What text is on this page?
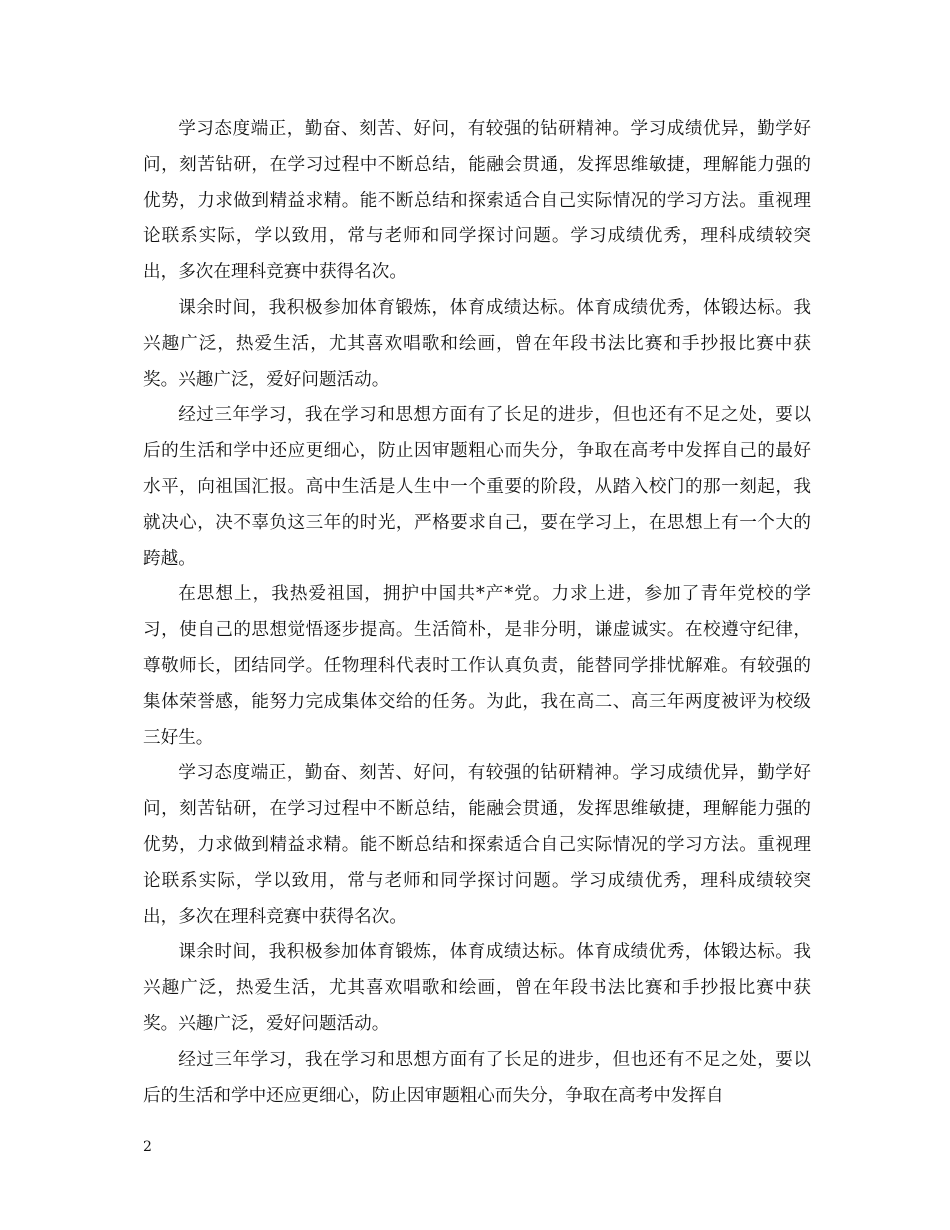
学习态度端正，勤奋、刻苦、好问，有较强的钻研精神。学习成绩优异，勤学好问，刻苦钻研，在学习过程中不断总结，能融会贯通，发挥思维敏捷，理解能力强的优势，力求做到精益求精。能不断总结和探索适合自己实际情况的学习方法。重视理论联系实际，学以致用，常与老师和同学探讨问题。学习成绩优秀，理科成绩较突出，多次在理科竞赛中获得名次。

课余时间，我积极参加体育锻炼，体育成绩达标。体育成绩优秀，体锻达标。我兴趣广泛，热爱生活，尤其喜欢唱歌和绘画，曾在年段书法比赛和手抄报比赛中获奖。兴趣广泛，爱好问题活动。

经过三年学习，我在学习和思想方面有了长足的进步，但也还有不足之处，要以后的生活和学中还应更细心，防止因审题粗心而失分，争取在高考中发挥自己的最好水平，向祖国汇报。高中生活是人生中一个重要的阶段，从踏入校门的那一刻起，我就决心，决不辜负这三年的时光，严格要求自己，要在学习上，在思想上有一个大的跨越。

在思想上，我热爱祖国，拥护中国共*产*党。力求上进，参加了青年党校的学习，使自己的思想觉悟逐步提高。生活简朴，是非分明，谦虚诚实。在校遵守纪律，尊敬师长，团结同学。任物理科代表时工作认真负责，能替同学排忧解难。有较强的集体荣誉感，能努力完成集体交给的任务。为此，我在高二、高三年两度被评为校级三好生。

学习态度端正，勤奋、刻苦、好问，有较强的钻研精神。学习成绩优异，勤学好问，刻苦钻研，在学习过程中不断总结，能融会贯通，发挥思维敏捷，理解能力强的优势，力求做到精益求精。能不断总结和探索适合自己实际情况的学习方法。重视理论联系实际，学以致用，常与老师和同学探讨问题。学习成绩优秀，理科成绩较突出，多次在理科竞赛中获得名次。

课余时间，我积极参加体育锻炼，体育成绩达标。体育成绩优秀，体锻达标。我兴趣广泛，热爱生活，尤其喜欢唱歌和绘画，曾在年段书法比赛和手抄报比赛中获奖。兴趣广泛，爱好问题活动。

经过三年学习，我在学习和思想方面有了长足的进步，但也还有不足之处，要以后的生活和学中还应更细心，防止因审题粗心而失分，争取在高考中发挥自

2
